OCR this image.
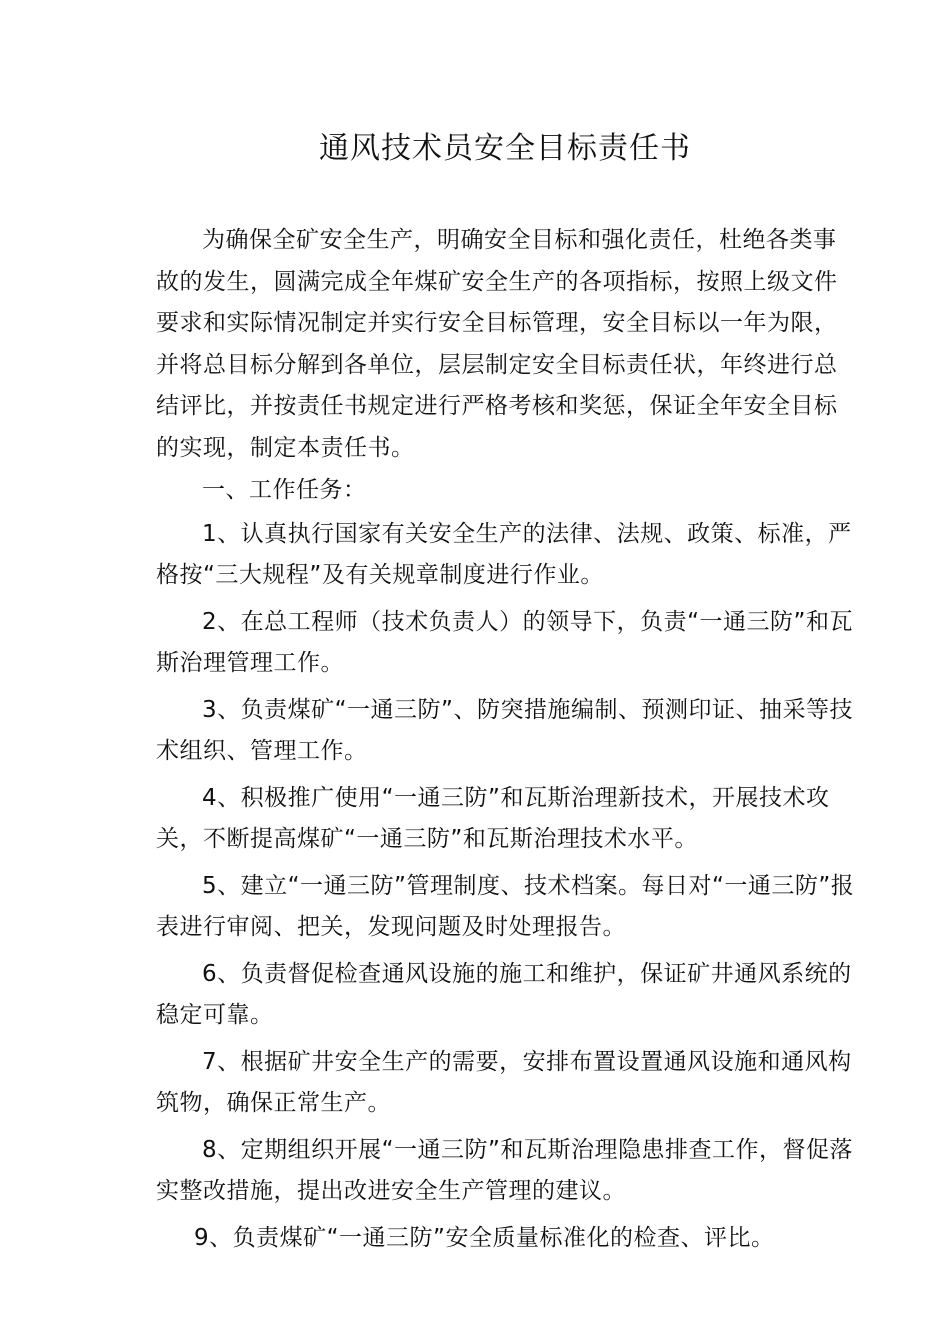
通风技术员安全目标责任书

为确保全矿安全生产，明确安全目标和强化责任，杜绝各类事故的发生，圆满完成全年煤矿安全生产的各项指标，按照上级文件要求和实际情况制定并实行安全目标管理，安全目标以一年为限，并将总目标分解到各单位，层层制定安全目标责任状，年终进行总结评比，并按责任书规定进行严格考核和奖惩，保证全年安全目标的实现，制定本责任书。

一、工作任务：

1、认真执行国家有关安全生产的法律、法规、政策、标准，严格按“三大规程”及有关规章制度进行作业。

2、在总工程师（技术负责人）的领导下，负责“一通三防”和瓦斯治理管理工作。

3、负责煤矿“一通三防”、防突措施编制、预测印证、抽采等技术组织、管理工作。

4、积极推广使用“一通三防”和瓦斯治理新技术，开展技术攻关，不断提高煤矿“一通三防”和瓦斯治理技术水平。

5、建立“一通三防”管理制度、技术档案。每日对“一通三防”报表进行审阅、把关，发现问题及时处理报告。

6、负责督促检查通风设施的施工和维护，保证矿井通风系统的稳定可靠。

7、根据矿井安全生产的需要，安排布置设置通风设施和通风构筑物，确保正常生产。

8、定期组织开展“一通三防”和瓦斯治理隐患排查工作，督促落实整改措施，提出改进安全生产管理的建议。

9、负责煤矿“一通三防”安全质量标准化的检查、评比。
